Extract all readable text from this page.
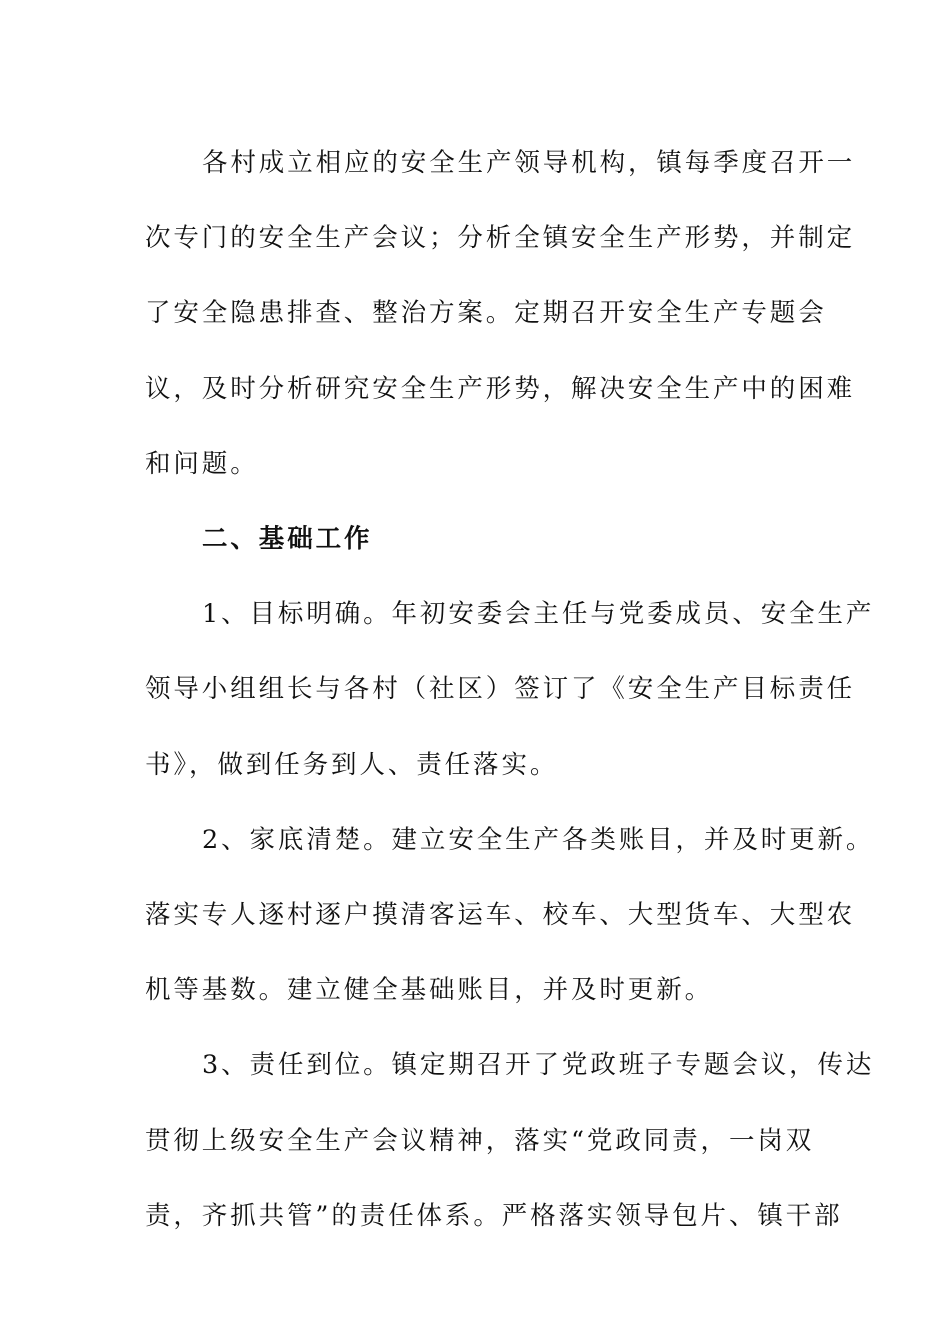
各村成立相应的安全生产领导机构，镇每季度召开一
次专门的安全生产会议；分析全镇安全生产形势，并制定
了安全隐患排查、整治方案。定期召开安全生产专题会
议，及时分析研究安全生产形势，解决安全生产中的困难
和问题。

二、基础工作

1、目标明确。年初安委会主任与党委成员、安全生产
领导小组组长与各村（社区）签订了《安全生产目标责任
书》，做到任务到人、责任落实。

2、家底清楚。建立安全生产各类账目，并及时更新。
落实专人逐村逐户摸清客运车、校车、大型货车、大型农
机等基数。建立健全基础账目，并及时更新。

3、责任到位。镇定期召开了党政班子专题会议，传达
贯彻上级安全生产会议精神，落实“党政同责，一岗双
责，齐抓共管”的责任体系。严格落实领导包片、镇干部
